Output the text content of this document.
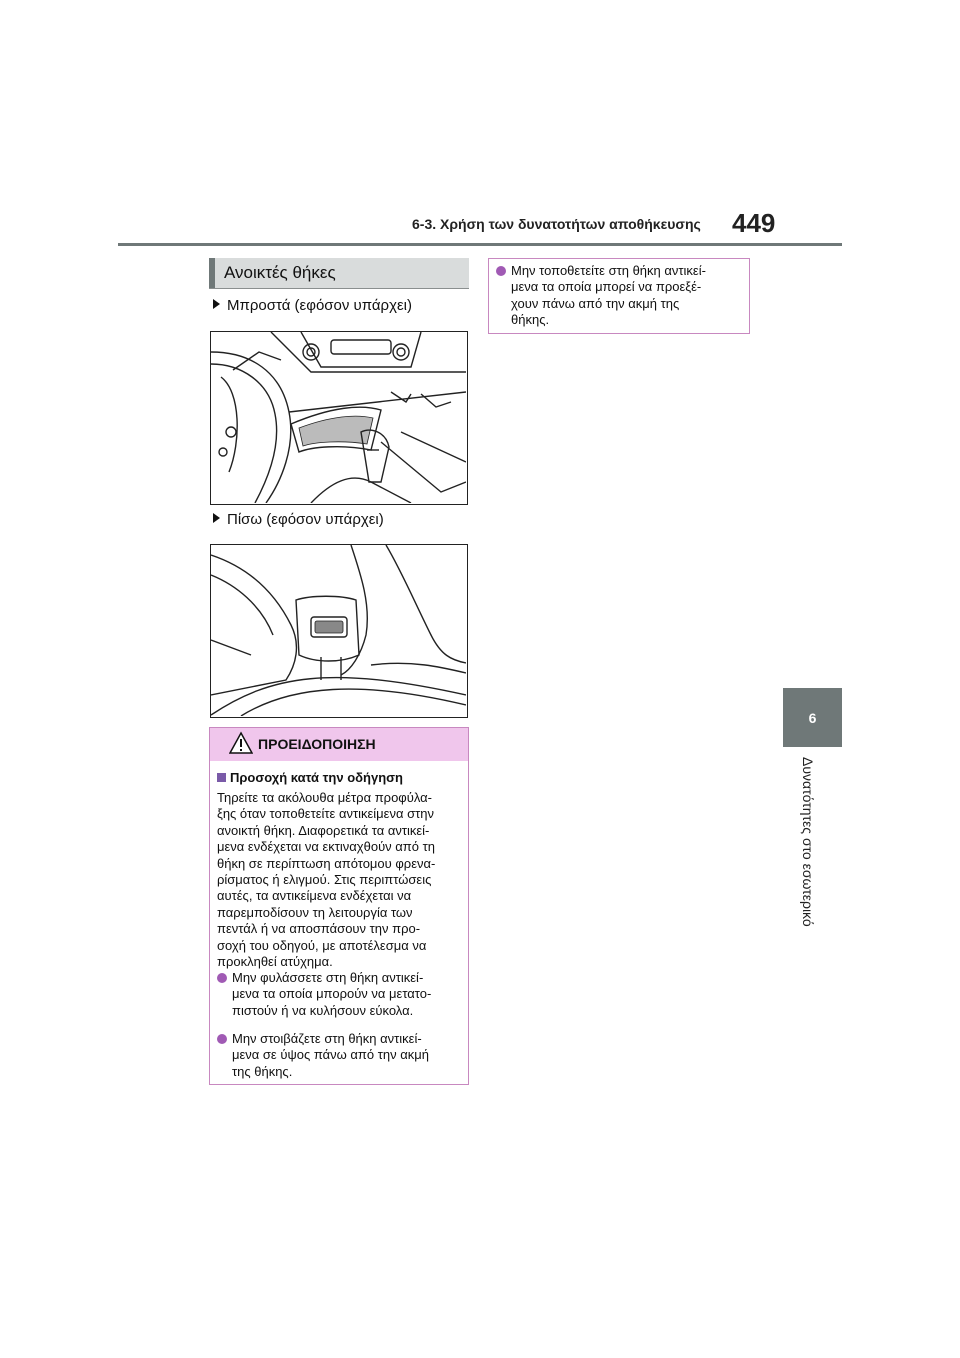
6-3. Χρήση των δυνατοτήτων αποθήκευσης 449
6
Δυνατότητες στο εσωτερικό
Ανοικτές θήκες
Μπροστά (εφόσον υπάρχει)
Πίσω (εφόσον υπάρχει)
ΠΡΟΕΙΔΟΠΟΙΗΣΗ
Προσοχή κατά την οδήγηση
Τηρείτε τα ακόλουθα μέτρα προφύλα-
ξης όταν τοποθετείτε αντικείμενα στην
ανοικτή θήκη. Διαφορετικά τα αντικεί-
μενα ενδέχεται να εκτιναχθούν από τη
θήκη σε περίπτωση απότομου φρενα-
ρίσματος ή ελιγμού. Στις περιπτώσεις
αυτές, τα αντικείμενα ενδέχεται να
παρεμποδίσουν τη λειτουργία των
πεντάλ ή να αποσπάσουν την προ-
σοχή του οδηγού, με αποτέλεσμα να
προκληθεί ατύχημα.
Μην φυλάσσετε στη θήκη αντικεί-
μενα τα οποία μπορούν να μετατο-
πιστούν ή να κυλήσουν εύκολα.
Μην στοιβάζετε στη θήκη αντικεί-
μενα σε ύψος πάνω από την ακμή
της θήκης.
Μην τοποθετείτε στη θήκη αντικεί-
μενα τα οποία μπορεί να προεξέ-
χουν πάνω από την ακμή της
θήκης.
